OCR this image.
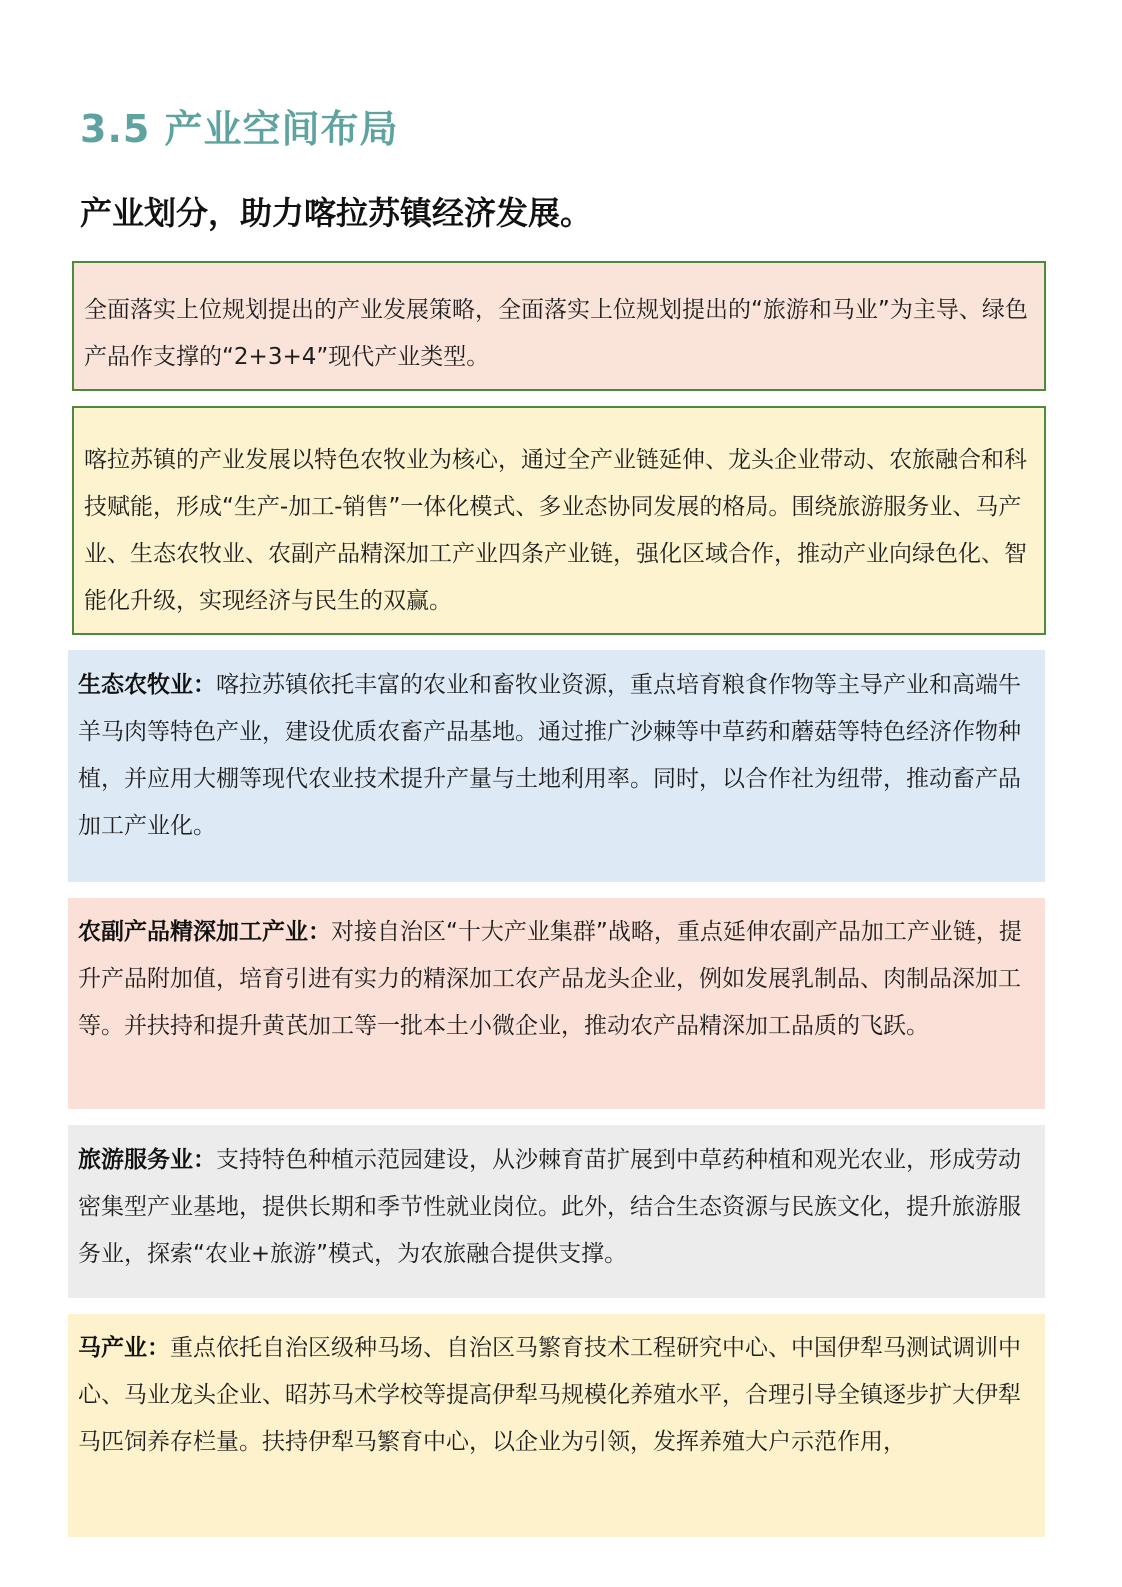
3.5 产业空间布局
产业划分，助力喀拉苏镇经济发展。
全面落实上位规划提出的产业发展策略，全面落实上位规划提出的“旅游和马业”为主导、绿色产品作支撑的“2+3+4”现代产业类型。
喀拉苏镇的产业发展以特色农牧业为核心，通过全产业链延伸、龙头企业带动、农旅融合和科技赋能，形成“生产-加工-销售”一体化模式、多业态协同发展的格局。围绕旅游服务业、马产业、生态农牧业、农副产品精深加工产业四条产业链，强化区域合作，推动产业向绿色化、智能化升级，实现经济与民生的双赢。
生态农牧业：喀拉苏镇依托丰富的农业和畜牧业资源，重点培育粮食作物等主导产业和高端牛羊马肉等特色产业，建设优质农畜产品基地。通过推广沙棘等中草药和蘑菇等特色经济作物种植，并应用大棚等现代农业技术提升产量与土地利用率。同时，以合作社为纽带，推动畜产品加工产业化。
农副产品精深加工产业：对接自治区“十大产业集群”战略，重点延伸农副产品加工产业链，提升产品附加值，培育引进有实力的精深加工农产品龙头企业，例如发展乳制品、肉制品深加工等。并扶持和提升黄芪加工等一批本土小微企业，推动农产品精深加工品质的飞跃。
旅游服务业：支持特色种植示范园建设，从沙棘育苗扩展到中草药种植和观光农业，形成劳动密集型产业基地，提供长期和季节性就业岗位。此外，结合生态资源与民族文化，提升旅游服务业，探索“农业+旅游”模式，为农旅融合提供支撑。
马产业：重点依托自治区级种马场、自治区马繁育技术工程研究中心、中国伊犁马测试调训中心、马业龙头企业、昭苏马术学校等提高伊犁马规模化养殖水平，合理引导全镇逐步扩大伊犁马匹饲养存栏量。扶持伊犁马繁育中心，以企业为引领，发挥养殖大户示范作用，
